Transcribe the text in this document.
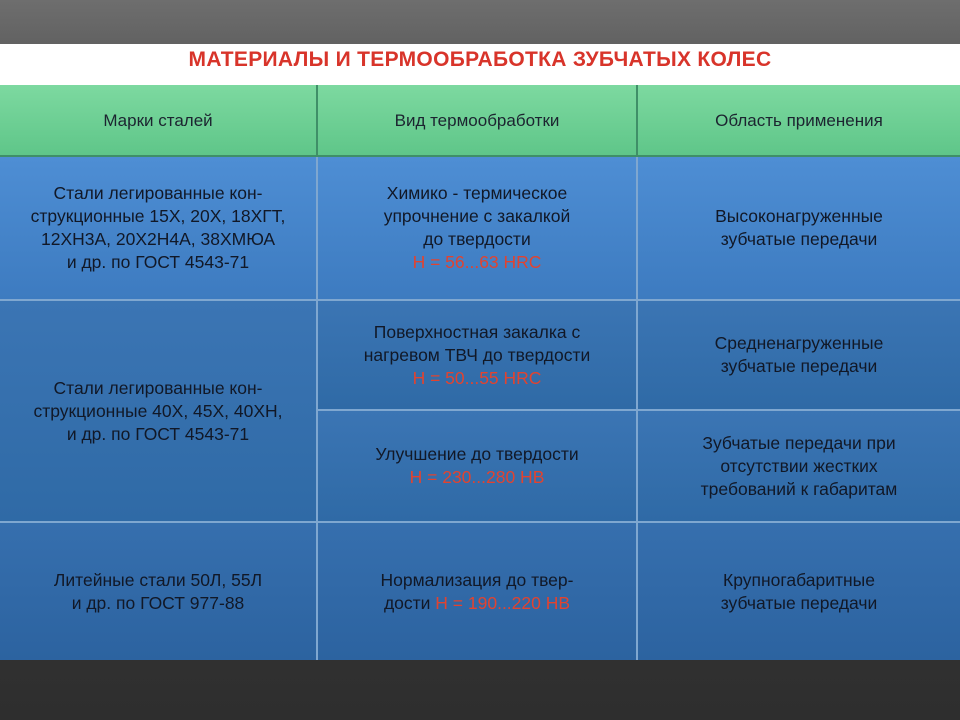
МАТЕРИАЛЫ И ТЕРМООБРАБОТКА ЗУБЧАТЫХ КОЛЕС
Марки сталей	Вид термообработки	Область применения
Стали легированные кон-
струкционные 15Х, 20Х, 18ХГТ,
12ХН3А, 20Х2Н4А, 38ХМЮА
и др. по ГОСТ 4543-71
Химико - термическое
упрочнение с закалкой
до твердости
Н = 56...63 HRC
Высоконагруженные
зубчатые передачи
Стали легированные кон-
струкционные 40Х, 45Х, 40ХН,
и др. по ГОСТ 4543-71
Поверхностная закалка с
нагревом ТВЧ до твердости
Н = 50...55 HRC
Средненагруженные
зубчатые передачи
Улучшение до твердости
Н = 230...280 НВ
Зубчатые передачи при
отсутствии жестких
требований к габаритам
Литейные стали 50Л, 55Л
и др. по ГОСТ 977-88
Нормализация до твер-
дости Н = 190...220 НВ
Крупногабаритные
зубчатые передачи
